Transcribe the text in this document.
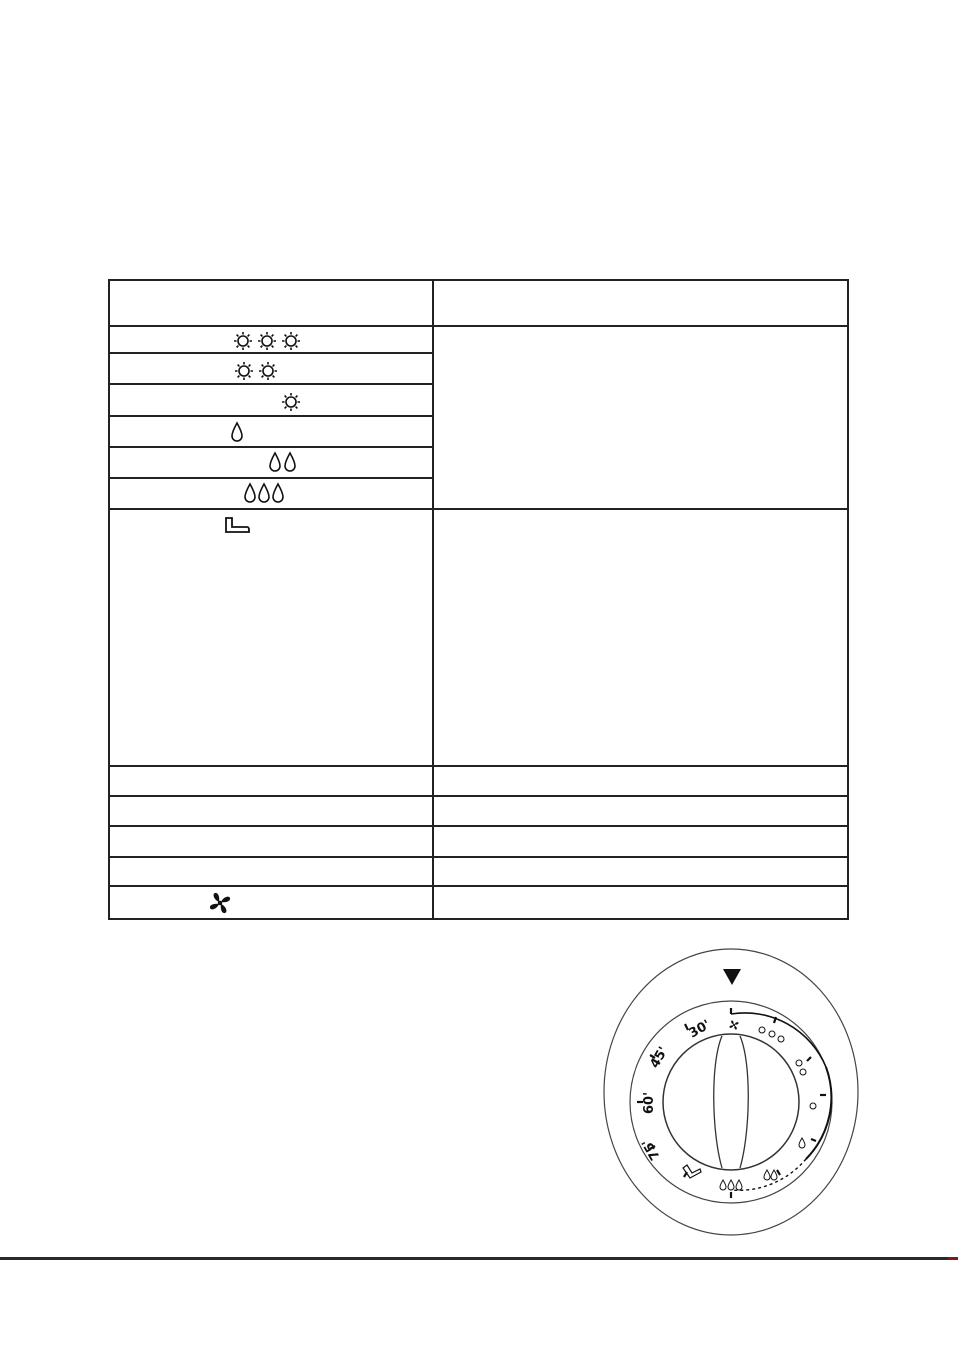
30'
45'
60'
75'
